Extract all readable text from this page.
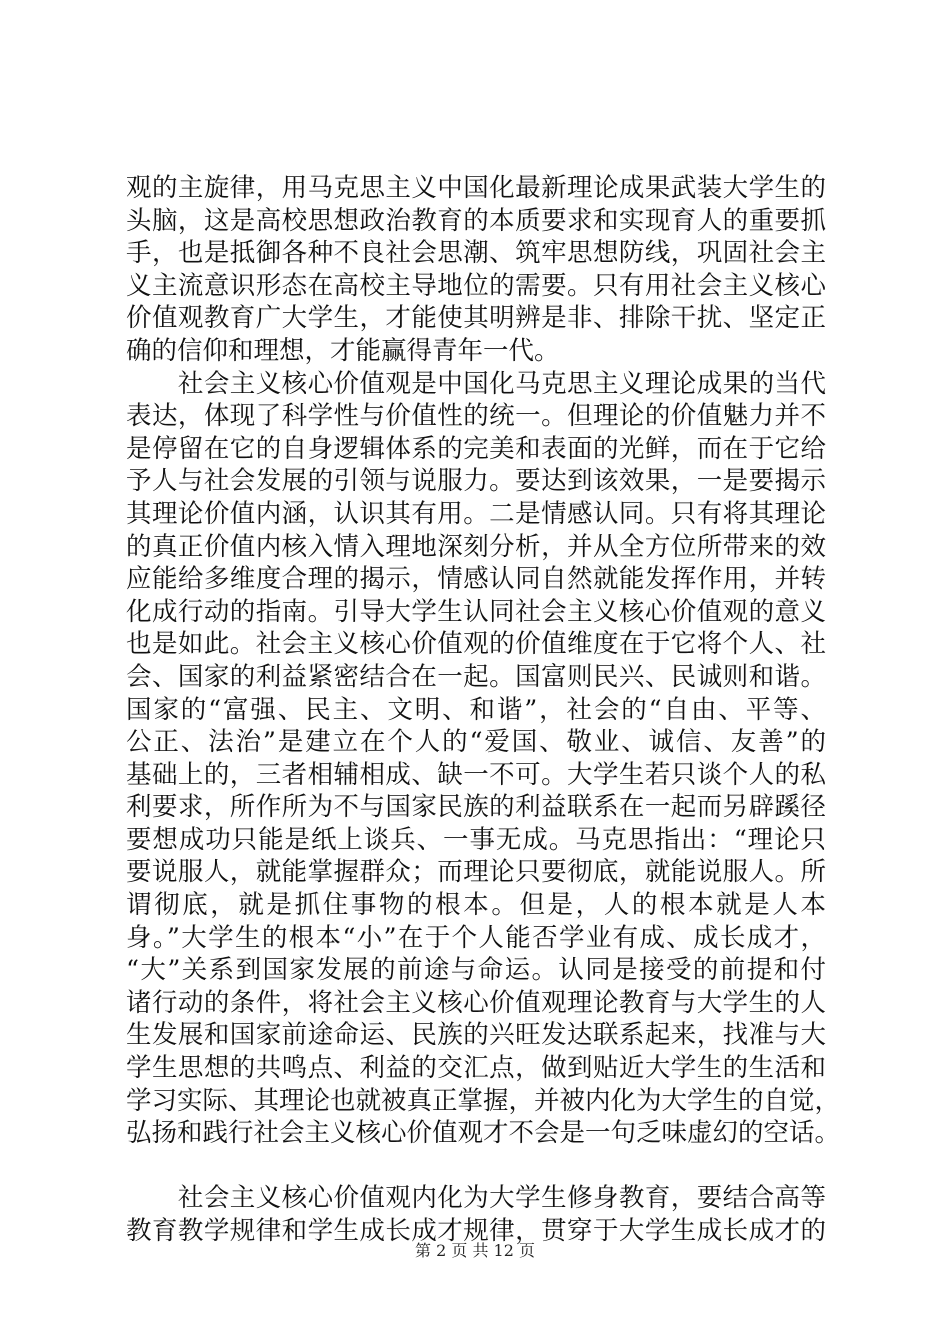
观的主旋律，用马克思主义中国化最新理论成果武装大学生的
头脑，这是高校思想政治教育的本质要求和实现育人的重要抓
手，也是抵御各种不良社会思潮、筑牢思想防线，巩固社会主
义主流意识形态在高校主导地位的需要。只有用社会主义核心
价值观教育广大学生，才能使其明辨是非、排除干扰、坚定正
确的信仰和理想，才能赢得青年一代。
　　社会主义核心价值观是中国化马克思主义理论成果的当代
表达，体现了科学性与价值性的统一。但理论的价值魅力并不
是停留在它的自身逻辑体系的完美和表面的光鲜，而在于它给
予人与社会发展的引领与说服力。要达到该效果，一是要揭示
其理论价值内涵，认识其有用。二是情感认同。只有将其理论
的真正价值内核入情入理地深刻分析，并从全方位所带来的效
应能给多维度合理的揭示，情感认同自然就能发挥作用，并转
化成行动的指南。引导大学生认同社会主义核心价值观的意义
也是如此。社会主义核心价值观的价值维度在于它将个人、社
会、国家的利益紧密结合在一起。国富则民兴、民诚则和谐。
国家的“富强、民主、文明、和谐”，社会的“自由、平等、
公正、法治”是建立在个人的“爱国、敬业、诚信、友善”的
基础上的，三者相辅相成、缺一不可。大学生若只谈个人的私
利要求，所作所为不与国家民族的利益联系在一起而另辟蹊径
要想成功只能是纸上谈兵、一事无成。马克思指出：“理论只
要说服人，就能掌握群众；而理论只要彻底，就能说服人。所
谓彻底，就是抓住事物的根本。但是，人的根本就是人本
身。”大学生的根本“小”在于个人能否学业有成、成长成才，
“大”关系到国家发展的前途与命运。认同是接受的前提和付
诸行动的条件，将社会主义核心价值观理论教育与大学生的人
生发展和国家前途命运、民族的兴旺发达联系起来，找准与大
学生思想的共鸣点、利益的交汇点，做到贴近大学生的生活和
学习实际、其理论也就被真正掌握，并被内化为大学生的自觉，
弘扬和践行社会主义核心价值观才不会是一句乏味虚幻的空话。
　　社会主义核心价值观内化为大学生修身教育，要结合高等
教育教学规律和学生成长成才规律，贯穿于大学生成长成才的
第 2 页 共 12 页
